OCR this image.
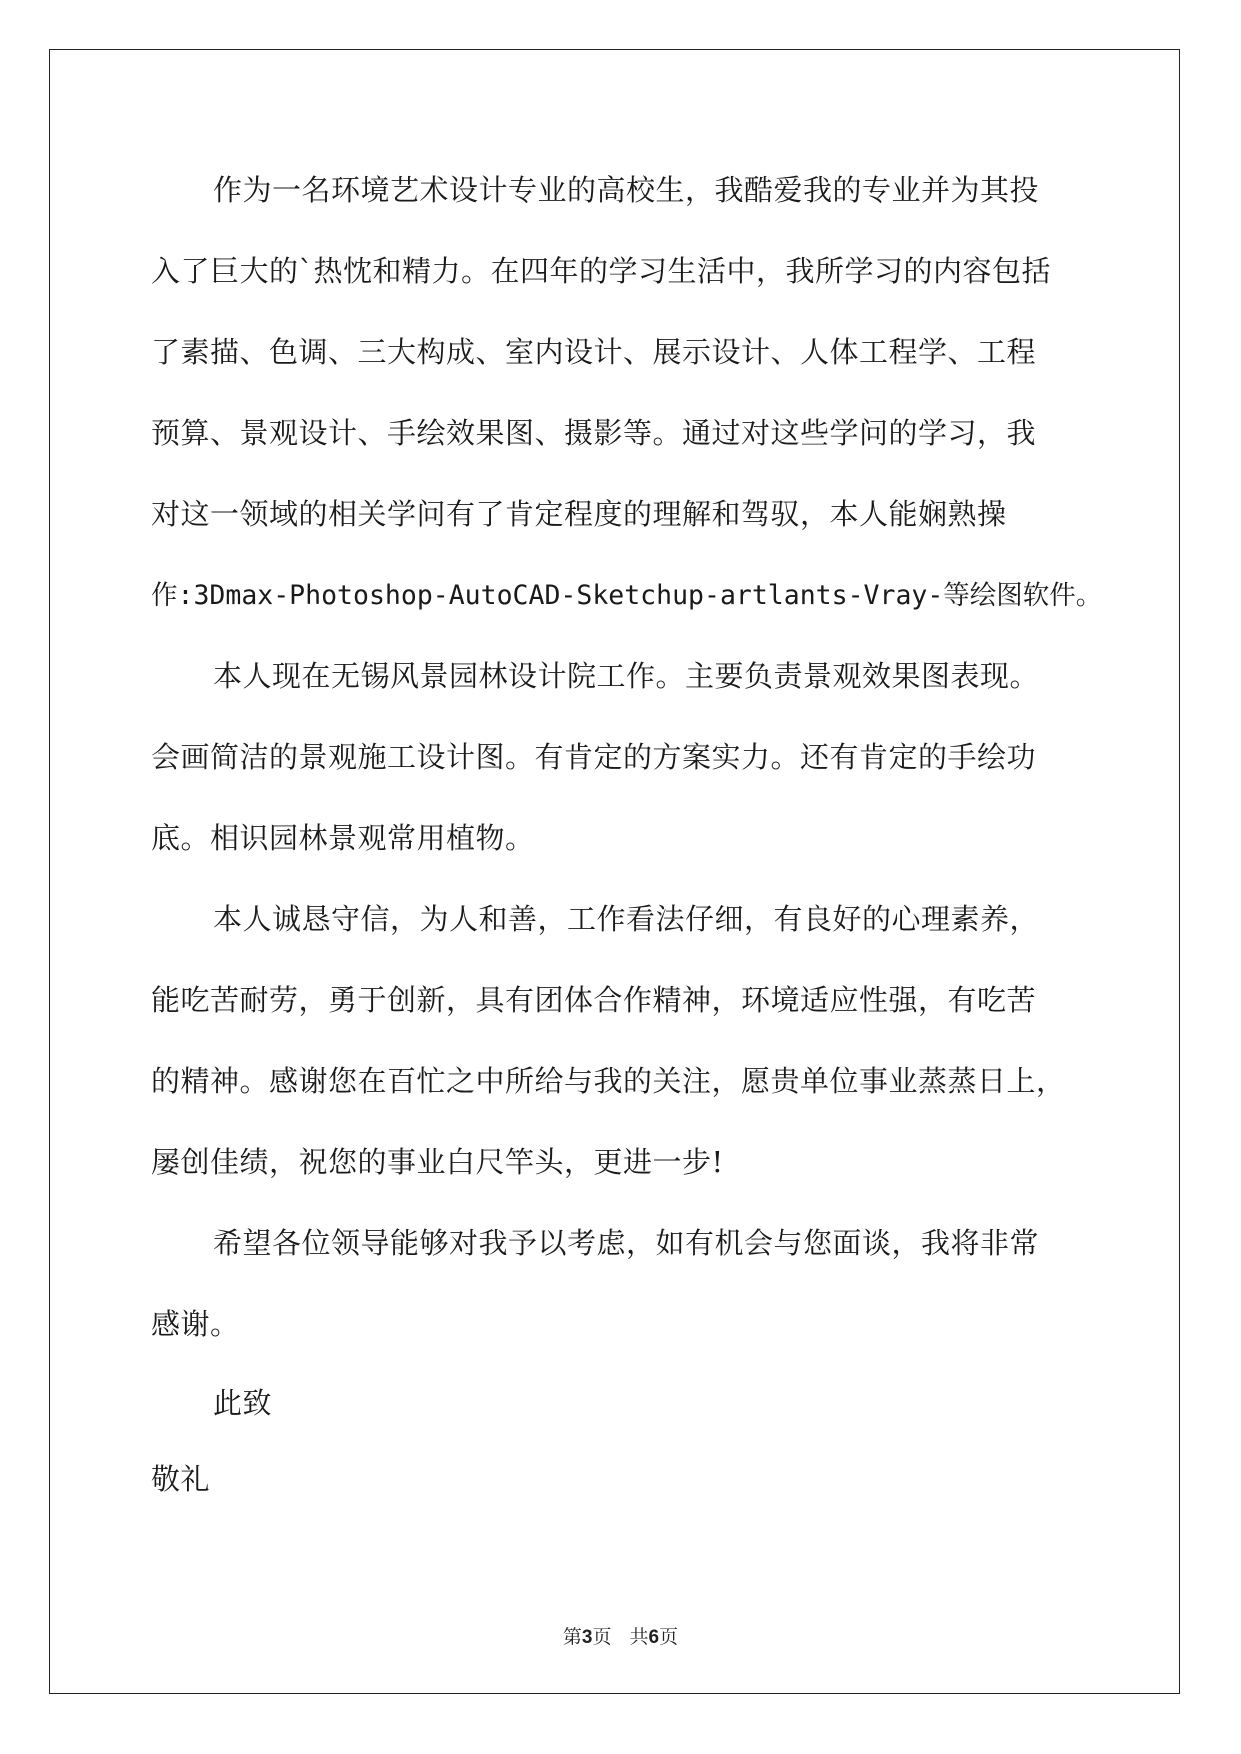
作为一名环境艺术设计专业的高校生，我酷爱我的专业并为其投
入了巨大的`热忱和精力。在四年的学习生活中，我所学习的内容包括
了素描、色调、三大构成、室内设计、展示设计、人体工程学、工程
预算、景观设计、手绘效果图、摄影等。通过对这些学问的学习，我
对这一领域的相关学问有了肯定程度的理解和驾驭，本人能娴熟操
作:3Dmax-Photoshop-AutoCAD-Sketchup-artlants-Vray-等绘图软件。
本人现在无锡风景园林设计院工作。主要负责景观效果图表现。
会画简洁的景观施工设计图。有肯定的方案实力。还有肯定的手绘功
底。相识园林景观常用植物。
本人诚恳守信，为人和善，工作看法仔细，有良好的心理素养，
能吃苦耐劳，勇于创新，具有团体合作精神，环境适应性强，有吃苦
的精神。感谢您在百忙之中所给与我的关注，愿贵单位事业蒸蒸日上，
屡创佳绩，祝您的事业白尺竿头，更进一步!
希望各位领导能够对我予以考虑，如有机会与您面谈，我将非常
感谢。
此致
敬礼
第3页 共6页
